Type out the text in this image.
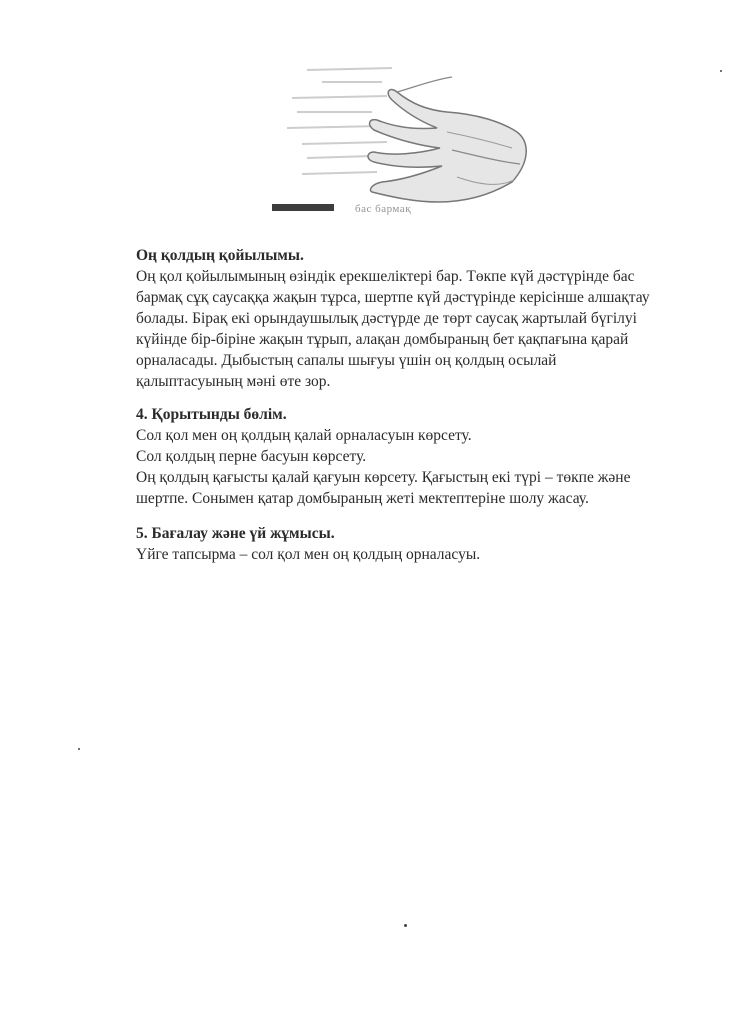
бас бармақ
Оң қолдың қойылымы.
Оң қол қойылымының өзіндік ерекшеліктері бар. Төкпе күй дәстүрінде бас бармақ сұқ саусаққа жақын тұрса, шертпе күй дәстүрінде керісінше алшақтау болады. Бірақ екі орындаушылық дәстүрде де төрт саусақ жартылай бүгілуі күйінде бір-біріне жақын тұрып, алақан домбыраның бет қақпағына қарай орналасады. Дыбыстың сапалы шығуы үшін оң қолдың осылай қалыптасуының мәні өте зор.
4. Қорытынды бөлім.
Сол қол мен оң қолдың қалай орналасуын көрсету.
Сол қолдың перне басуын көрсету.
Оң қолдың қағысты қалай қағуын көрсету. Қағыстың екі түрі – төкпе және шертпе. Сонымен қатар домбыраның жеті мектептеріне шолу жасау.
5. Бағалау және үй жұмысы.
Үйге тапсырма – сол қол мен оң қолдың орналасуы.
